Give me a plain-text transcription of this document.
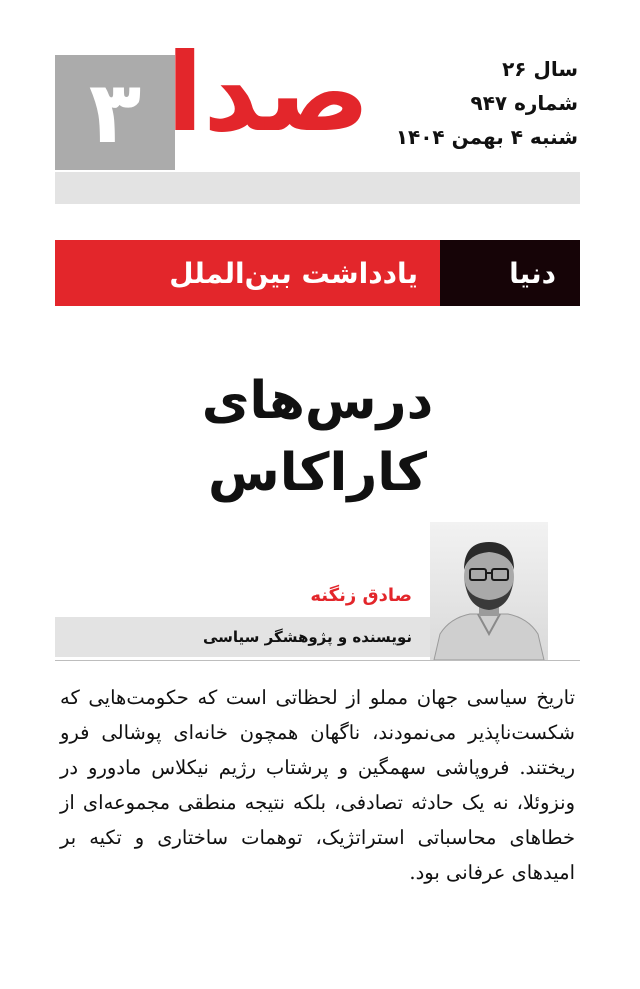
۳ صدا	سال ۲۶
شماره ۹۴۷
شنبه ۴ بهمن ۱۴۰۴
دنیا
یادداشت بین‌الملل
درس‌های
کاراکاس
نویسنده و پژوهشگر سیاسی
صادق زنگنه

تاریخ سیاسی جهان مملو از لحظاتی است که حکومت‌هایی که شکست‌ناپذیر می‌نمودند، ناگهان همچون خانه‌ای پوشالی فرو ریختند. فروپاشی سهمگین و پرشتاب رژیم نیکلاس مادورو در ونزوئلا، نه یک حادثه تصادفی، بلکه نتیجه منطقی مجموعه‌ای از خطاهای محاسباتی استراتژیک، توهمات ساختاری و تکیه بر امیدهای عرفانی بود.
